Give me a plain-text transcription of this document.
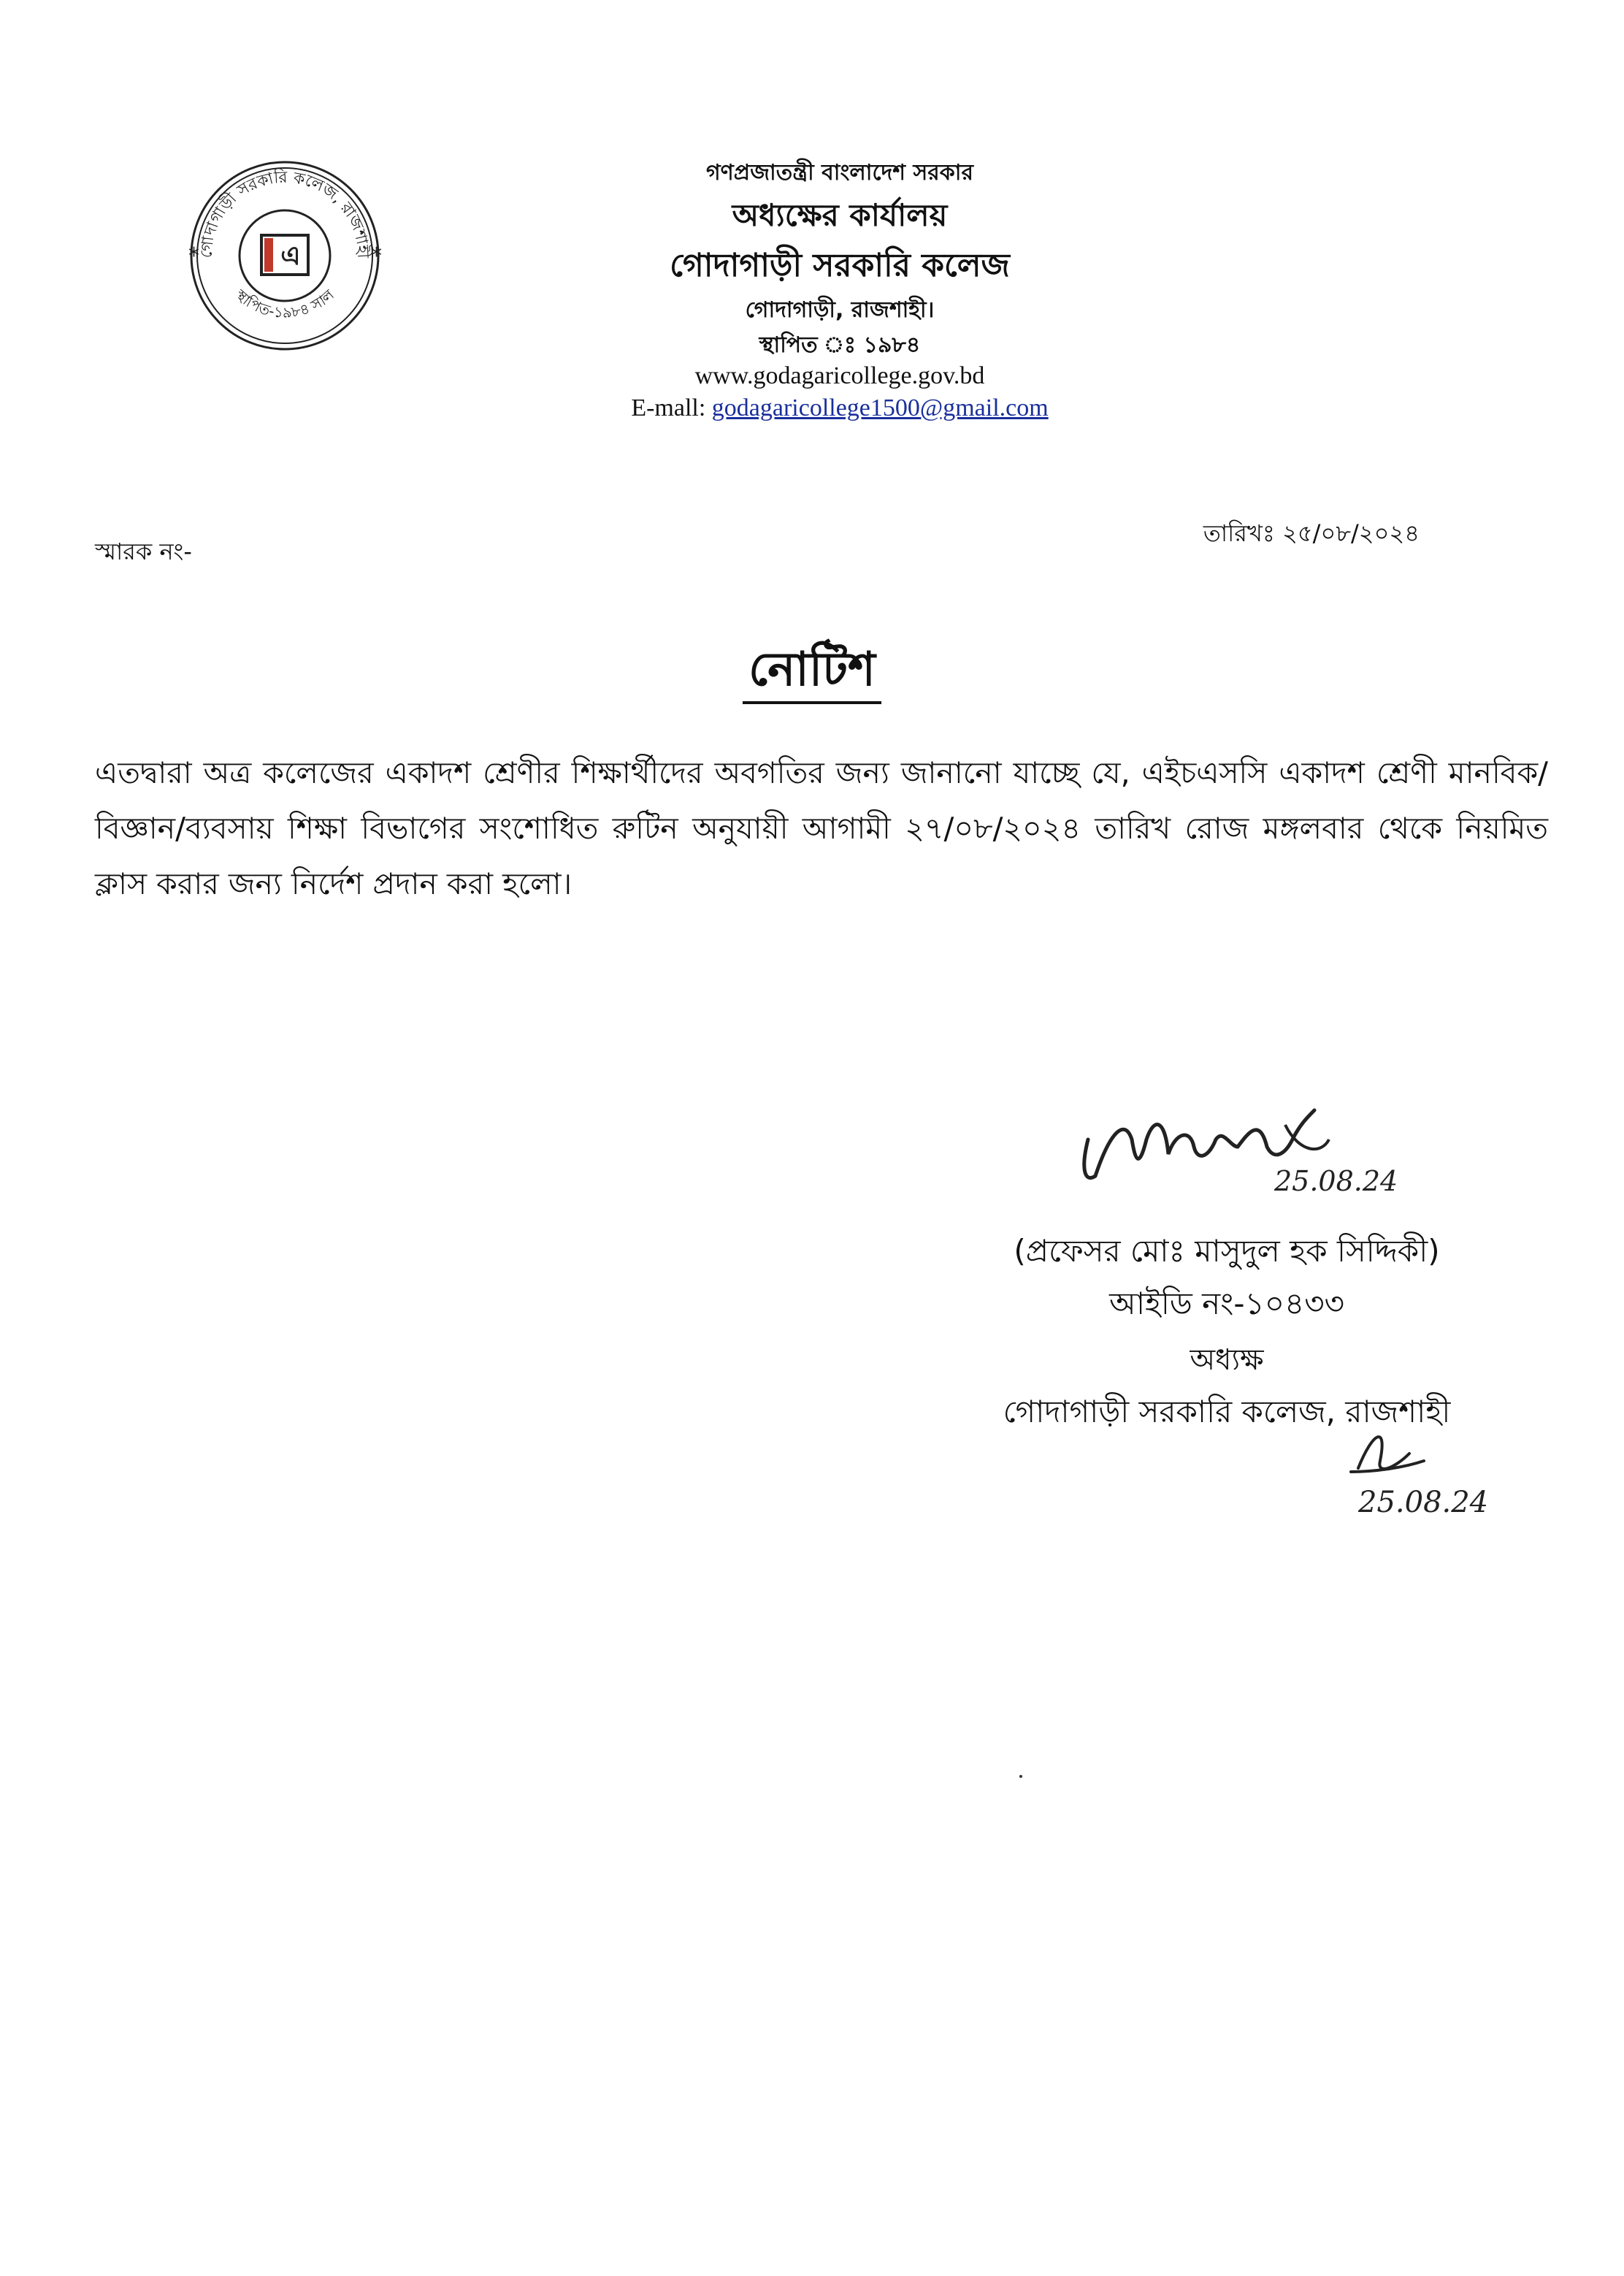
গোদাগাড়ী সরকারি কলেজ, রাজশাহী
স্থাপিত-১৯৮৪ সাল
*	*
এ
গণপ্রজাতন্ত্রী বাংলাদেশ সরকার
অধ্যক্ষের কার্যালয়
গোদাগাড়ী সরকারি কলেজ
গোদাগাড়ী, রাজশাহী।
স্থাপিত ঃ ১৯৮৪
www.godagaricollege.gov.bd
E-mall: godagaricollege1500@gmail.com
স্মারক নং-
তারিখঃ ২৫/০৮/২০২৪
নোটিশ
এতদ্বারা অত্র কলেজের একাদশ শ্রেণীর শিক্ষার্থীদের অবগতির জন্য জানানো যাচ্ছে যে, এইচএসসি একাদশ শ্রেণী মানবিক/বিজ্ঞান/ব্যবসায় শিক্ষা বিভাগের সংশোধিত রুটিন অনুযায়ী আগামী ২৭/০৮/২০২৪ তারিখ রোজ মঙ্গলবার থেকে নিয়মিত ক্লাস করার জন্য নির্দেশ প্রদান করা হলো।
25.08.24
(প্রফেসর মোঃ মাসুদুল হক সিদ্দিকী)
আইডি নং-১০৪৩৩
অধ্যক্ষ
গোদাগাড়ী সরকারি কলেজ, রাজশাহী
25.08.24
